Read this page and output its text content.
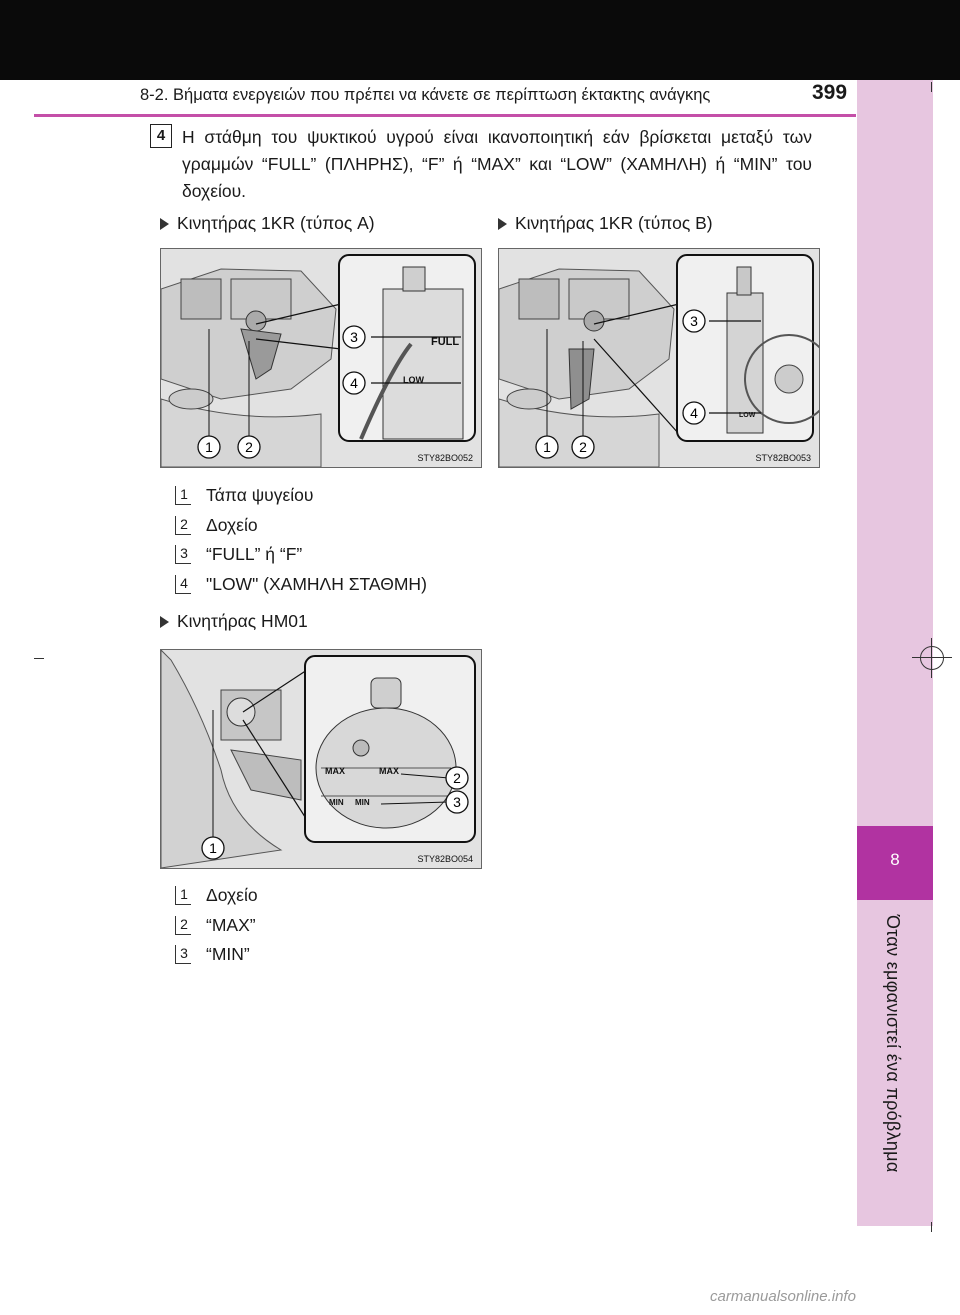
8-2. Βήματα ενεργειών που πρέπει να κάνετε σε περίπτωση έκτακτης ανάγκης	399
8
Όταν εμφανιστεί ένα πρόβλημα
4 Η στάθμη του ψυκτικού υγρού είναι ικανοποιητική εάν βρίσκεται μεταξύ των γραμμών “FULL” (ΠΛΗΡΗΣ), “F” ή “MAX” και “LOW” (ΧΑΜΗΛΗ) ή “MIN” του δοχείου.
Κινητήρας 1KR (τύπος A)	Κινητήρας 1KR (τύπος B)
FULL
LOW
3
4
1 2
STY82BO052
LOW
3
4
1 2
STY82BO053
1 Τάπα ψυγείου
2 Δοχείο
3 “FULL” ή “F”
4 "LOW" (ΧΑΜΗΛΗ ΣΤΑΘΜΗ)
Κινητήρας HM01
MAX	MAX
MIN MIN
2
3
1
STY82BO054
1 Δοχείο
2 “MAX”
3 “MIN”
carmanualsonline.info
